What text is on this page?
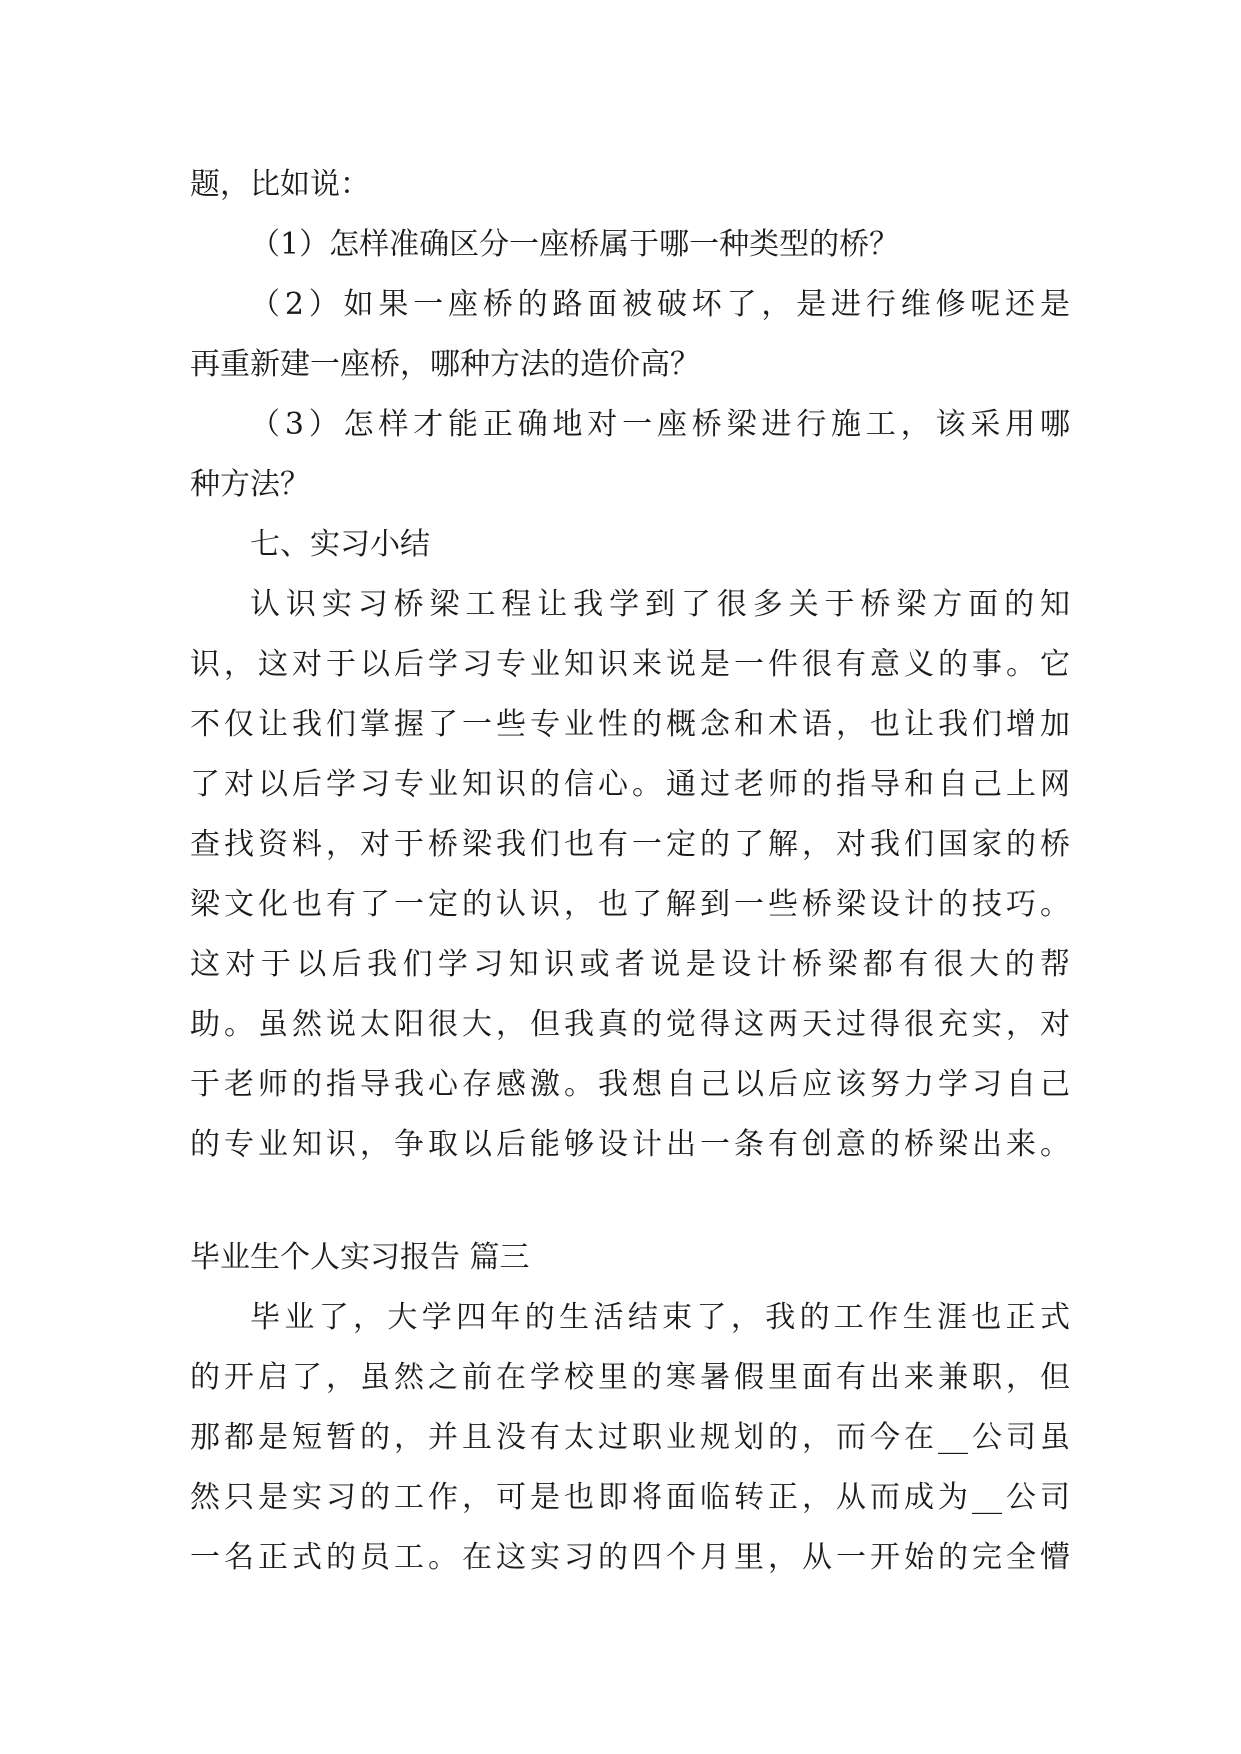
题，比如说：
（1）怎样准确区分一座桥属于哪一种类型的桥？
（2）如果一座桥的路面被破坏了，是进行维修呢还是
再重新建一座桥，哪种方法的造价高？
（3）怎样才能正确地对一座桥梁进行施工，该采用哪
种方法？
七、实习小结
认识实习桥梁工程让我学到了很多关于桥梁方面的知
识，这对于以后学习专业知识来说是一件很有意义的事。它
不仅让我们掌握了一些专业性的概念和术语，也让我们增加
了对以后学习专业知识的信心。通过老师的指导和自己上网
查找资料，对于桥梁我们也有一定的了解，对我们国家的桥
梁文化也有了一定的认识，也了解到一些桥梁设计的技巧。
这对于以后我们学习知识或者说是设计桥梁都有很大的帮
助。虽然说太阳很大，但我真的觉得这两天过得很充实，对
于老师的指导我心存感激。我想自己以后应该努力学习自己
的专业知识，争取以后能够设计出一条有创意的桥梁出来。
毕业生个人实习报告 篇三
毕业了，大学四年的生活结束了，我的工作生涯也正式
的开启了，虽然之前在学校里的寒暑假里面有出来兼职，但
那都是短暂的，并且没有太过职业规划的，而今在__公司虽
然只是实习的工作，可是也即将面临转正，从而成为__公司
一名正式的员工。在这实习的四个月里，从一开始的完全懵
